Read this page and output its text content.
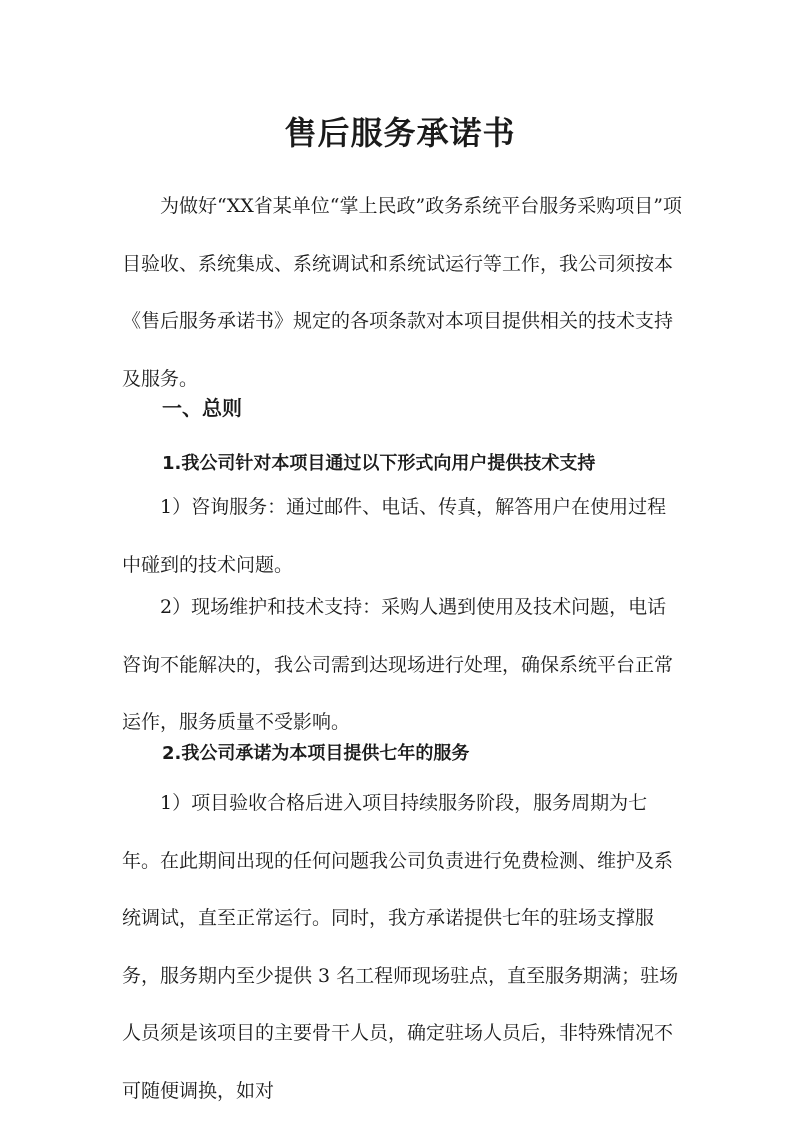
售后服务承诺书

为做好“XX省某单位“掌上民政”政务系统平台服务采购项目”项目验收、系统集成、系统调试和系统试运行等工作，我公司须按本《售后服务承诺书》规定的各项条款对本项目提供相关的技术支持及服务。

一、总则
1.我公司针对本项目通过以下形式向用户提供技术支持

1）咨询服务：通过邮件、电话、传真，解答用户在使用过程中碰到的技术问题。

2）现场维护和技术支持：采购人遇到使用及技术问题，电话咨询不能解决的，我公司需到达现场进行处理，确保系统平台正常运作，服务质量不受影响。

2.我公司承诺为本项目提供七年的服务

1）项目验收合格后进入项目持续服务阶段，服务周期为七年。在此期间出现的任何问题我公司负责进行免费检测、维护及系统调试，直至正常运行。同时，我方承诺提供七年的驻场支撑服务，服务期内至少提供 3 名工程师现场驻点，直至服务期满；驻场人员须是该项目的主要骨干人员，确定驻场人员后，非特殊情况不可随便调换，如对
